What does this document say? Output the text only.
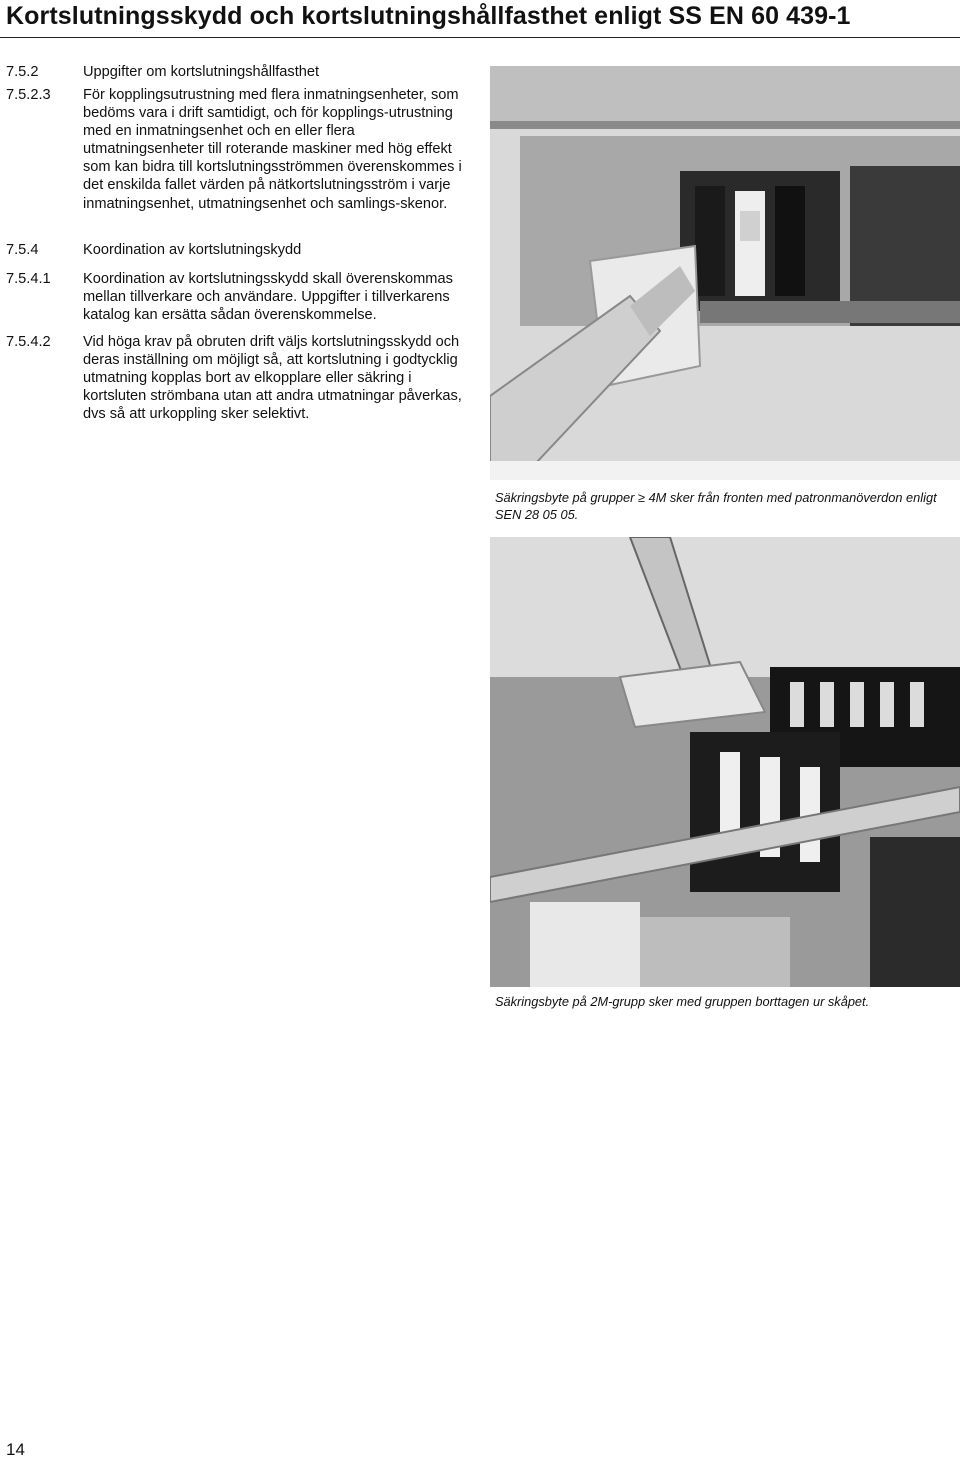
Kortslutningsskydd och kortslutningshållfasthet enligt SS EN 60 439-1
7.5.2	Uppgifter om kortslutningshållfasthet
7.5.2.3 För kopplingsutrustning med flera inmatningsenheter, som bedöms vara i drift samtidigt, och för kopplings-utrustning med en inmatningsenhet och en eller flera utmatningsenheter till roterande maskiner med hög effekt som kan bidra till kortslutningsströmmen överenskommes i det enskilda fallet värden på nätkortslutningsström i varje inmatningsenhet, utmatningsenhet och samlings-skenor.
7.5.4	Koordination av kortslutningskydd
7.5.4.1 Koordination av kortslutningsskydd skall överenskommas mellan tillverkare och användare. Uppgifter i tillverkarens katalog kan ersätta sådan överenskommelse.
7.5.4.2 Vid höga krav på obruten drift väljs kortslutningsskydd och deras inställning om möjligt så, att kortslutning i godtycklig utmatning kopplas bort av elkopplare eller säkring i kortsluten strömbana utan att andra utmatningar påverkas, dvs så att urkoppling sker selektivt.
Säkringsbyte på grupper ≥ 4M sker från fronten med patronmanöverdon enligt SEN 28 05 05.
Säkringsbyte på 2M-grupp sker med gruppen borttagen ur skåpet.
14
